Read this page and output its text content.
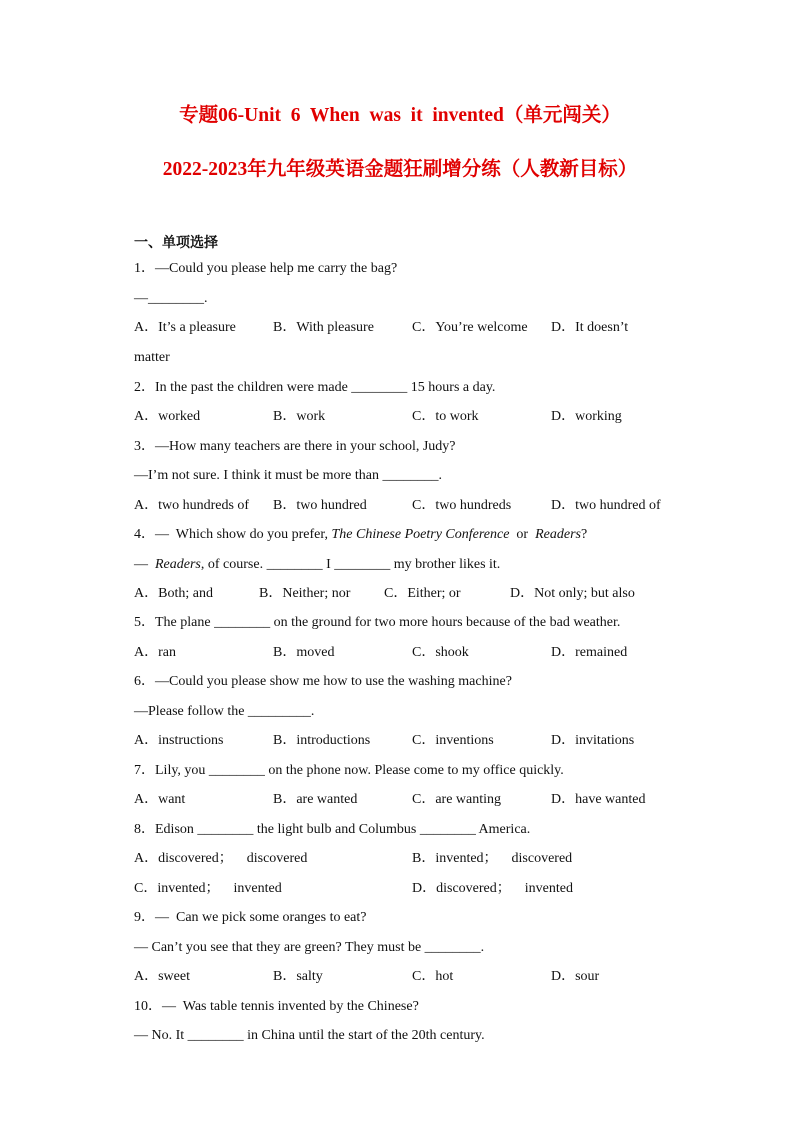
专题06-Unit  6  When  was  it  invented（单元闯关）
2022-2023年九年级英语金题狂刷增分练（人教新目标）
一、单项选择
1．—Could you please help me carry the bag?
—________.
A．It’s a pleasure	B．With pleasure	C．You’re welcome D．It doesn’t
matter
2．In the past the children were made ________ 15 hours a day.
A．worked	B．work	C．to work	D．working
3．—How many teachers are there in your school, Judy?
—I’m not sure. I think it must be more than ________.
A．two hundreds of B．two hundred	C．two hundreds	D．two hundred of
4．—  Which show do you prefer, The Chinese Poetry Conference  or  Readers?
—  Readers, of course. ________ I ________ my brother likes it.
A．Both; and	B．Neither; nor C．Either; or	D．Not only; but also
5．The plane ________ on the ground for two more hours because of the bad weather.
A．ran	B．moved	C．shook	D．remained
6．—Could you please show me how to use the washing machine?
—Please follow the _________.
A．instructions	B．introductions	C．inventions	D．invitations
7．Lily, you ________ on the phone now. Please come to my office quickly.
A．want	B．are wanted	C．are wanting	D．have wanted
8．Edison ________ the light bulb and Columbus ________ America.
A．discovered；    discovered	B．invented；    discovered
C．invented；    invented	D．discovered；    invented
9．—  Can we pick some oranges to eat?
— Can’t you see that they are green? They must be ________.
A．sweet	B．salty	C．hot	D．sour
10．—  Was table tennis invented by the Chinese?
— No. It ________ in China until the start of the 20th century.
